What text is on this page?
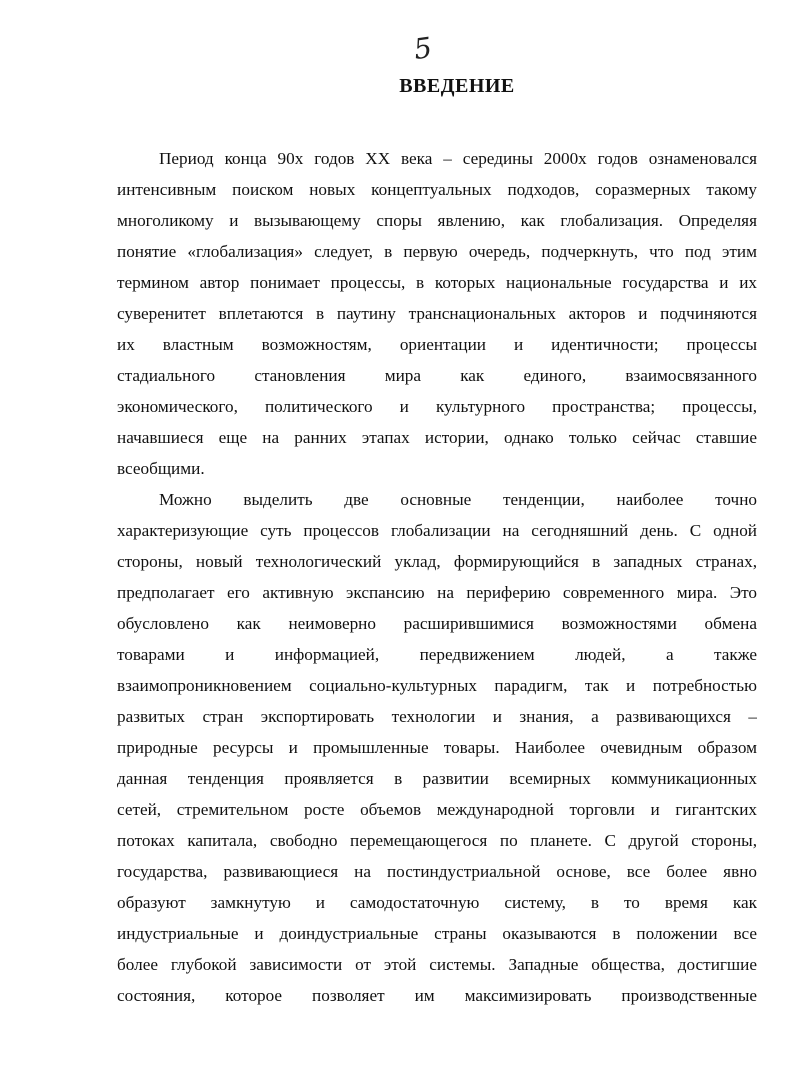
5
ВВЕДЕНИЕ
Период конца 90х годов XX века – середины 2000х годов ознаменовался
интенсивным поиском новых концептуальных подходов, соразмерных такому
многоликому и вызывающему споры явлению, как глобализация. Определяя
понятие «глобализация» следует, в первую очередь, подчеркнуть, что под этим
термином автор понимает процессы, в которых национальные государства и их
суверенитет вплетаются в паутину транснациональных акторов и подчиняются
их властным возможностям, ориентации и идентичности; процессы
стадиального становления мира как единого, взаимосвязанного
экономического, политического и культурного пространства; процессы,
начавшиеся еще на ранних этапах истории, однако только сейчас ставшие
всеобщими.
Можно выделить две основные тенденции, наиболее точно
характеризующие суть процессов глобализации на сегодняшний день. С одной
стороны, новый технологический уклад, формирующийся в западных странах,
предполагает его активную экспансию на периферию современного мира. Это
обусловлено как неимоверно расширившимися возможностями обмена
товарами и информацией, передвижением людей, а также
взаимопроникновением социально-культурных парадигм, так и потребностью
развитых стран экспортировать технологии и знания, а развивающихся –
природные ресурсы и промышленные товары. Наиболее очевидным образом
данная тенденция проявляется в развитии всемирных коммуникационных
сетей, стремительном росте объемов международной торговли и гигантских
потоках капитала, свободно перемещающегося по планете. С другой стороны,
государства, развивающиеся на постиндустриальной основе, все более явно
образуют замкнутую и самодостаточную систему, в то время как
индустриальные и доиндустриальные страны оказываются в положении все
более глубокой зависимости от этой системы. Западные общества, достигшие
состояния, которое позволяет им максимизировать производственные
